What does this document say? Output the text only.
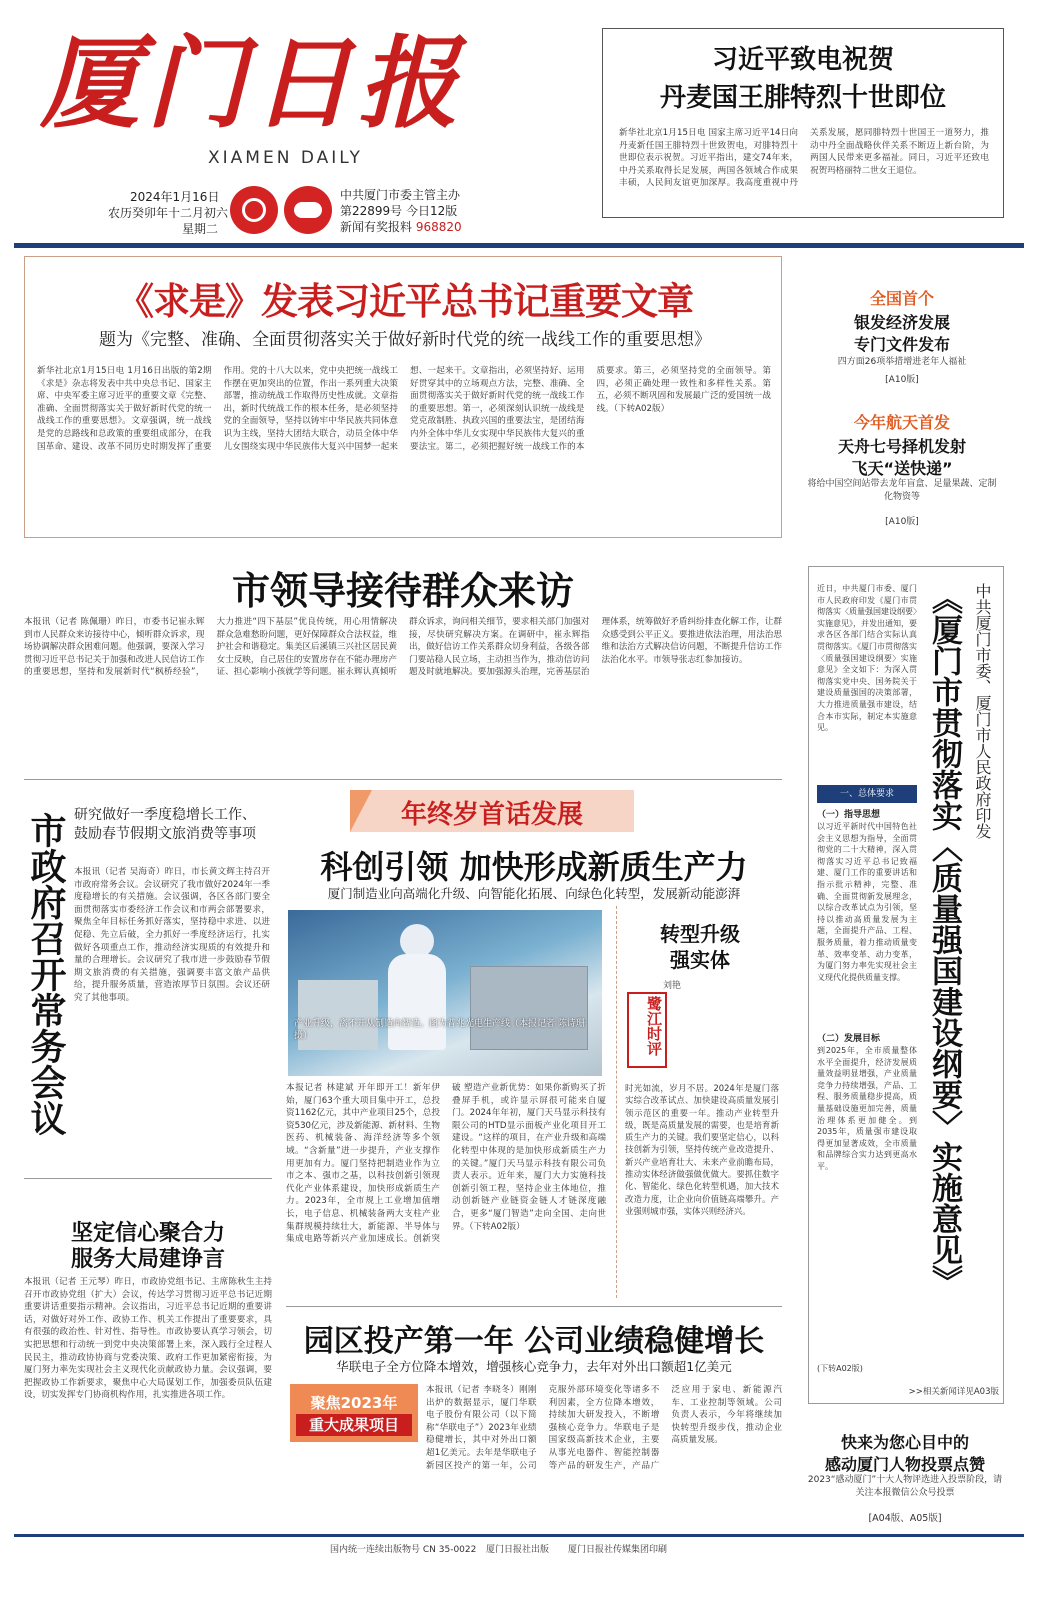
厦门日报
XIAMEN DAILY
2024年1月16日
农历癸卯年十二月初六
星期二
中共厦门市委主管主办
第22899号 今日12版
新闻有奖报料 968820
习近平致电祝贺
丹麦国王腓特烈十世即位
新华社北京1月15日电 国家主席习近平14日向丹麦新任国王腓特烈十世致贺电，对腓特烈十世即位表示祝贺。习近平指出，建交74年来，中丹关系取得长足发展，两国各领域合作成果丰硕，人民间友谊更加深厚。我高度重视中丹关系发展，愿同腓特烈十世国王一道努力，推动中丹全面战略伙伴关系不断迈上新台阶，为两国人民带来更多福祉。同日，习近平还致电祝贺玛格丽特二世女王退位。
《求是》发表习近平总书记重要文章
题为《完整、准确、全面贯彻落实关于做好新时代党的统一战线工作的重要思想》
新华社北京1月15日电 1月16日出版的第2期《求是》杂志将发表中共中央总书记、国家主席、中央军委主席习近平的重要文章《完整、准确、全面贯彻落实关于做好新时代党的统一战线工作的重要思想》。文章强调，统一战线是党的总路线和总政策的重要组成部分，在我国革命、建设、改革不同历史时期发挥了重要作用。党的十八大以来，党中央把统一战线工作摆在更加突出的位置，作出一系列重大决策部署，推动统战工作取得历史性成就。文章指出，新时代统战工作的根本任务，是必须坚持党的全面领导，坚持以铸牢中华民族共同体意识为主线，坚持大团结大联合，动员全体中华儿女围绕实现中华民族伟大复兴中国梦一起来想、一起来干。文章指出，必须坚持好、运用好贯穿其中的立场观点方法，完整、准确、全面贯彻落实关于做好新时代党的统一战线工作的重要思想。第一，必须深刻认识统一战线是党克敌制胜、执政兴国的重要法宝，是团结海内外全体中华儿女实现中华民族伟大复兴的重要法宝。第二，必须把握好统一战线工作的本质要求。第三，必须坚持党的全面领导。第四，必须正确处理一致性和多样性关系。第五，必须不断巩固和发展最广泛的爱国统一战线。（下转A02版）
全国首个
银发经济发展
专门文件发布
四方面26项举措增进老年人福祉
[A10版]
今年航天首发
天舟七号择机发射
飞天“送快递”
将给中国空间站带去龙年盲盒、足量果蔬、定制化物资等
[A10版]
市领导接待群众来访
本报讯（记者 陈佩珊）昨日，市委书记崔永辉到市人民群众来访接待中心，倾听群众诉求，现场协调解决群众困难问题。他强调，要深入学习贯彻习近平总书记关于加强和改进人民信访工作的重要思想，坚持和发展新时代“枫桥经验”，大力推进“四下基层”优良传统，用心用情解决群众急难愁盼问题，更好保障群众合法权益，维护社会和谐稳定。集美区后溪镇三兴社区居民黄女士反映，自己居住的安置房存在不能办理房产证、担心影响小孩就学等问题。崔永辉认真倾听群众诉求，询问相关细节，要求相关部门加强对接，尽快研究解决方案。在调研中，崔永辉指出，做好信访工作关系群众切身利益，各级各部门要站稳人民立场，主动担当作为，推动信访问题及时就地解决。要加强源头治理，完善基层治理体系，统筹做好矛盾纠纷排查化解工作，让群众感受到公平正义。要推进依法治理，用法治思维和法治方式解决信访问题，不断提升信访工作法治化水平。市领导张志红参加接访。
市政府召开常务会议 研究做好一季度稳增长工作、鼓励春节假期文旅消费等事项
本报讯（记者 吴海奇）昨日，市长黄文辉主持召开市政府常务会议。会议研究了我市做好2024年一季度稳增长的有关措施。会议强调，各区各部门要全面贯彻落实市委经济工作会议和市两会部署要求，聚焦全年目标任务抓好落实，坚持稳中求进、以进促稳、先立后破，全力抓好一季度经济运行，扎实做好各项重点工作，推动经济实现质的有效提升和量的合理增长。会议研究了我市进一步鼓励春节假期文旅消费的有关措施，强调要丰富文旅产品供给，提升服务质量，营造浓厚节日氛围。会议还研究了其他事项。
坚定信心聚合力
服务大局建诤言
本报讯（记者 王元琴）昨日，市政协党组书记、主席陈秋生主持召开市政协党组（扩大）会议，传达学习贯彻习近平总书记近期重要讲话重要指示精神。会议指出，习近平总书记近期的重要讲话，对做好对外工作、政协工作、机关工作提出了重要要求，具有很强的政治性、针对性、指导性。市政协要认真学习领会，切实把思想和行动统一到党中央决策部署上来，深入践行全过程人民民主，推动政协协商与党委决策、政府工作更加紧密衔接，为厦门努力率先实现社会主义现代化贡献政协力量。会议强调，要把握政协工作新要求，聚焦中心大局谋划工作，加强委员队伍建设，切实发挥专门协商机构作用，扎实推进各项工作。
年终岁首话发展
科创引领 加快形成新质生产力
厦门制造业向高端化升级、向智能化拓展、向绿色化转型，发展新动能澎湃
产业升级，离不开从制造向智造。图为普兆光电生产线（本报记者 陈诗珊 摄）
本报记者 林建斌 开年即开工！新年伊始，厦门63个重大项目集中开工，总投资1162亿元，其中产业项目25个，总投资530亿元，涉及新能源、新材料、生物医药、机械装备、海洋经济等多个领域。“含新量”进一步提升，产业支撑作用更加有力。厦门坚持把制造业作为立市之本、强市之基，以科技创新引领现代化产业体系建设，加快形成新质生产力。2023年，全市规上工业增加值增长，电子信息、机械装备两大支柱产业集群规模持续壮大，新能源、半导体与集成电路等新兴产业加速成长。创新突破 塑造产业新优势：如果你新购买了折叠屏手机，或许显示屏很可能来自厦门。2024年年初，厦门天马显示科技有限公司的HTD显示面板产业化项目开工建设。“这样的项目，在产业升级和高端化转型中体现的是加快形成新质生产力的关键。”厦门天马显示科技有限公司负责人表示。近年来，厦门大力实施科技创新引领工程，坚持企业主体地位，推动创新链产业链资金链人才链深度融合，更多“厦门智造”走向全国、走向世界。（下转A02版）
转型升级
强实体
刘艳
鹭江时评
时光如流，岁月不居。2024年是厦门落实综合改革试点、加快建设高质量发展引领示范区的重要一年。推动产业转型升级，既是高质量发展的需要，也是培育新质生产力的关键。我们要坚定信心，以科技创新为引领，坚持传统产业改造提升、新兴产业培育壮大、未来产业前瞻布局，推动实体经济做强做优做大。要抓住数字化、智能化、绿色化转型机遇，加大技术改造力度，让企业向价值链高端攀升。产业强则城市强，实体兴则经济兴。
园区投产第一年 公司业绩稳健增长
华联电子全方位降本增效，增强核心竞争力，去年对外出口额超1亿美元
聚焦2023年
重大成果项目
本报讯（记者 李晓冬）刚刚出炉的数据显示，厦门华联电子股份有限公司（以下简称“华联电子”）2023年业绩稳健增长，其中对外出口额超1亿美元。去年是华联电子新园区投产的第一年，公司克服外部环境变化等诸多不利因素，全方位降本增效，持续加大研发投入，不断增强核心竞争力。华联电子是国家级高新技术企业，主要从事光电器件、智能控制器等产品的研发生产，产品广泛应用于家电、新能源汽车、工业控制等领域。公司负责人表示，今年将继续加快转型升级步伐，推动企业高质量发展。
中共厦门市委、厦门市人民政府印发
《厦门市贯彻落实〈质量强国建设纲要〉实施意见》
近日，中共厦门市委、厦门市人民政府印发《厦门市贯彻落实〈质量强国建设纲要〉实施意见》，并发出通知，要求各区各部门结合实际认真贯彻落实。《厦门市贯彻落实〈质量强国建设纲要〉实施意见》全文如下：为深入贯彻落实党中央、国务院关于建设质量强国的决策部署，大力推进质量强市建设，结合本市实际，制定本实施意见。
一、总体要求
（一）指导思想
以习近平新时代中国特色社会主义思想为指导，全面贯彻党的二十大精神，深入贯彻落实习近平总书记致福建、厦门工作的重要讲话和指示批示精神，完整、准确、全面贯彻新发展理念，以综合改革试点为引领，坚持以推动高质量发展为主题，全面提升产品、工程、服务质量，着力推动质量变革、效率变革、动力变革，为厦门努力率先实现社会主义现代化提供质量支撑。
（二）发展目标
到2025年，全市质量整体水平全面提升，经济发展质量效益明显增强，产业质量竞争力持续增强，产品、工程、服务质量稳步提高，质量基础设施更加完善，质量治理体系更加健全。到2035年，质量强市建设取得更加显著成效，全市质量和品牌综合实力达到更高水平。
(下转A02版)
>>相关新闻详见A03版
快来为您心目中的
感动厦门人物投票点赞
2023“感动厦门”十大人物评选进入投票阶段，请关注本报微信公众号投票
[A04版、A05版]
国内统一连续出版物号 CN 35-0022 厦门日报社出版 厦门日报社传媒集团印刷
